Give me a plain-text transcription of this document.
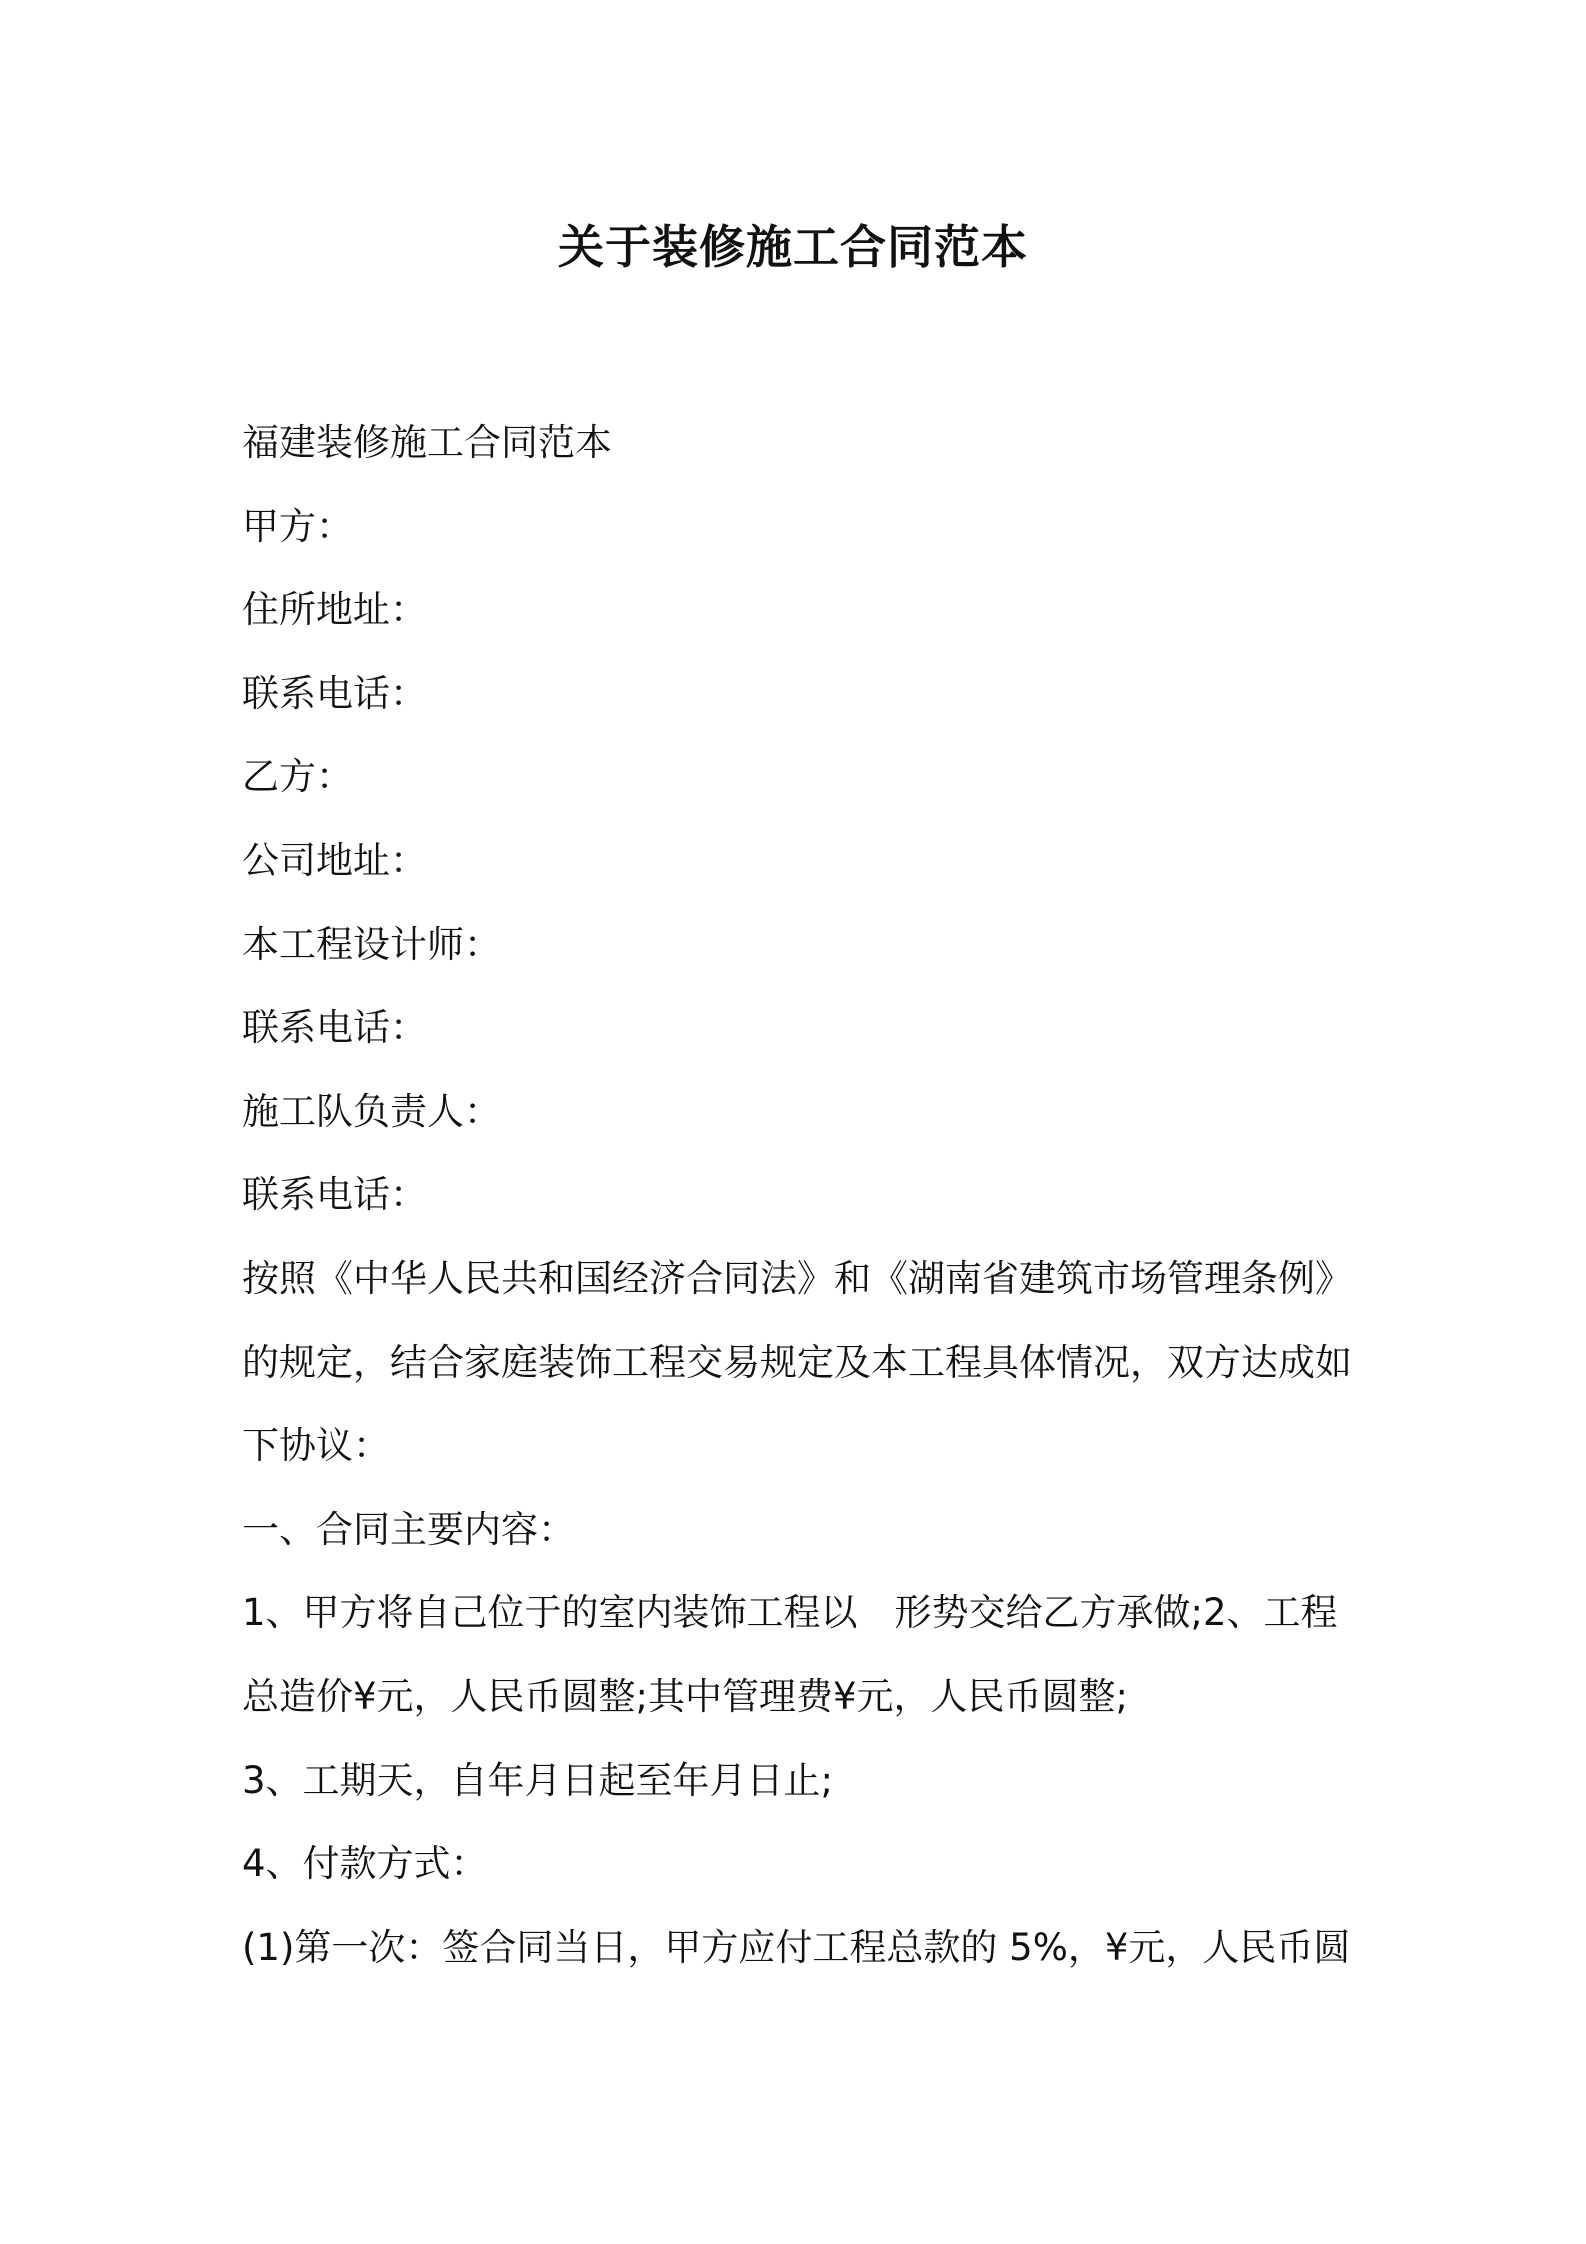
关于装修施工合同范本

福建装修施工合同范本

甲方：

住所地址：

联系电话：

乙方：

公司地址：

本工程设计师：

联系电话：

施工队负责人：

联系电话：

按照《中华人民共和国经济合同法》和《湖南省建筑市场管理条例》

的规定，结合家庭装饰工程交易规定及本工程具体情况，双方达成如

下协议：

一、合同主要内容：

1、甲方将自己位于的室内装饰工程以　形势交给乙方承做;2、工程

总造价¥元，人民币圆整;其中管理费¥元，人民币圆整;

3、工期天，自年月日起至年月日止;

4、付款方式：

(1)第一次：签合同当日，甲方应付工程总款的 5%，¥元，人民币圆
